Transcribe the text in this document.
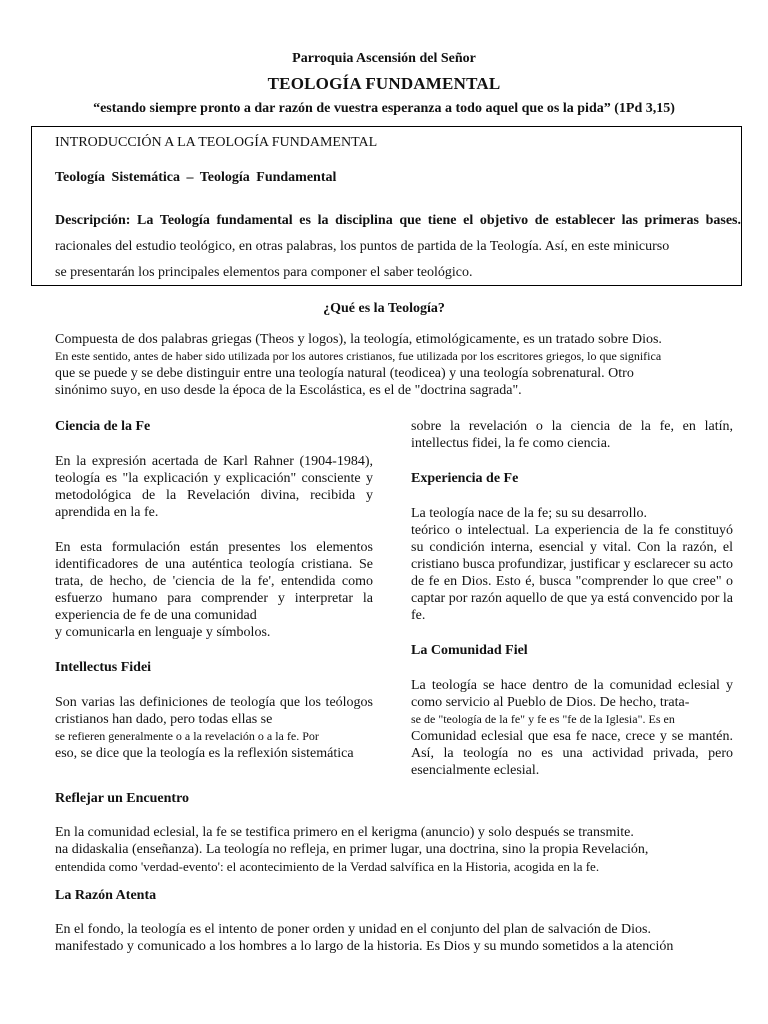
Parroquia Ascensión del Señor
TEOLOGÍA FUNDAMENTAL
“estando siempre pronto a dar razón de vuestra esperanza a todo aquel que os la pida” (1Pd 3,15)
INTRODUCCIÓN A LA TEOLOGÍA FUNDAMENTAL
Teología Sistemática – Teología Fundamental
Descripción: La Teología fundamental es la disciplina que tiene el objetivo de establecer las primeras bases.
racionales del estudio teológico, en otras palabras, los puntos de partida de la Teología. Así, en este minicurso
se presentarán los principales elementos para componer el saber teológico.
¿Qué es la Teología?
Compuesta de dos palabras griegas (Theos y logos), la teología, etimológicamente, es un tratado sobre Dios.
En este sentido, antes de haber sido utilizada por los autores cristianos, fue utilizada por los escritores griegos, lo que significa
que se puede y se debe distinguir entre una teología natural (teodicea) y una teología sobrenatural. Otro
sinónimo suyo, en uso desde la época de la Escolástica, es el de "doctrina sagrada".
Ciencia de la Fe

En la expresión acertada de Karl Rahner (1904-1984), teología es "la explicación y explicación" consciente y metodológica de la Revelación divina, recibida y aprendida en la fe.

En esta formulación están presentes los elementos identificadores de una auténtica teología cristiana. Se trata, de hecho, de 'ciencia de la fe', entendida como esfuerzo humano para comprender y interpretar la experiencia de fe de una comunidad

y comunicarla en lenguaje y símbolos.

Intellectus Fidei

Son varias las definiciones de teología que los teólogos cristianos han dado, pero todas ellas se

se refieren generalmente o a la revelación o a la fe. Por

eso, se dice que la teología es la reflexión sistemática

sobre la revelación o la ciencia de la fe, en latín, intellectus fidei, la fe como ciencia.

Experiencia de Fe

La teología nace de la fe; su su desarrollo.

teórico o intelectual. La experiencia de la fe constituyó su condición interna, esencial y vital. Con la razón, el cristiano busca profundizar, justificar y esclarecer su acto de fe en Dios. Esto é, busca "comprender lo que cree" o captar por razón aquello de que ya está convencido por la fe.

La Comunidad Fiel

La teología se hace dentro de la comunidad eclesial y como servicio al Pueblo de Dios. De hecho, trata-

se de "teología de la fe" y fe es "fe de la Iglesia". Es en

Comunidad eclesial que esa fe nace, crece y se mantén. Así, la teología no es una actividad privada, pero esencialmente eclesial.

Reflejar un Encuentro

En la comunidad eclesial, la fe se testifica primero en el kerigma (anuncio) y solo después se transmite.

na didaskalia (enseñanza). La teología no refleja, en primer lugar, una doctrina, sino la propia Revelación,

entendida como 'verdad-evento': el acontecimiento de la Verdad salvífica en la Historia, acogida en la fe.

La Razón Atenta

En el fondo, la teología es el intento de poner orden y unidad en el conjunto del plan de salvación de Dios.

manifestado y comunicado a los hombres a lo largo de la historia. Es Dios y su mundo sometidos a la atención
